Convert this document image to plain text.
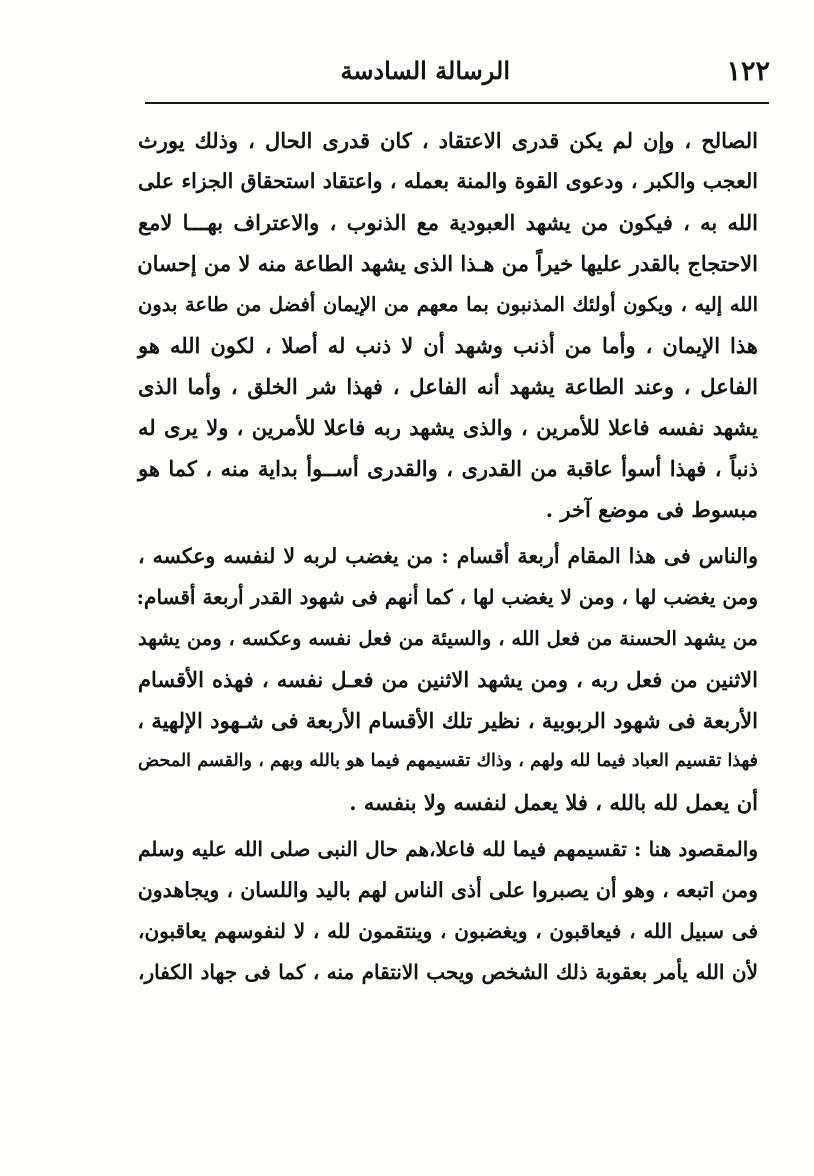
١٢٢
الرسالة السادسة
الصالح ، وإن لم يكن قدرى الاعتقاد ، كان قدرى الحال ، وذلك يورث
العجب والكبر ، ودعوى القوة والمنة بعمله ، واعتقاد استحقاق الجزاء على
الله به ، فيكون من يشهد العبودية مع الذنوب ، والاعتراف بهـــا لامع
الاحتجاج بالقدر عليها خيراً من هـذا الذى يشهد الطاعة منه لا من إحسان
الله إليه ، ويكون أولئك المذنبون بما معهم من الإيمان أفضل من طاعة بدون
هذا الإيمان ، وأما من أذنب وشهد أن لا ذنب له أصلا ، لكون الله هو
الفاعل ، وعند الطاعة يشهد أنه الفاعل ، فهذا شر الخلق ، وأما الذى
يشهد نفسه فاعلا للأمرين ، والذى يشهد ربه فاعلا للأمرين ، ولا يرى له
ذنباً ، فهذا أسوأ عاقبة من القدرى ، والقدرى أســوأ بداية منه ، كما هو
مبسوط فى موضع آخر .
والناس فى هذا المقام أربعة أقسام : من يغضب لربه لا لنفسه وعكسه ،
ومن يغضب لها ، ومن لا يغضب لها ، كما أنهم فى شهود القدر أربعة أقسام:
من يشهد الحسنة من فعل الله ، والسيئة من فعل نفسه وعكسه ، ومن يشهد
الاثنين من فعل ربه ، ومن يشهد الاثنين من فعـل نفسه ، فهذه الأقسام
الأربعة فى شهود الربوبية ، نظير تلك الأقسام الأربعة فى شـهود الإلهية ،
فهذا تقسيم العباد فيما لله ولهم ، وذاك تقسيمهم فيما هو بالله وبهم ، والقسم المحض
أن يعمل لله بالله ، فلا يعمل لنفسه ولا بنفسه .
والمقصود هنا : تقسيمهم فيما لله فاعلا،هم حال النبى صلى الله عليه وسلم
ومن اتبعه ، وهو أن يصبروا على أذى الناس لهم باليد واللسان ، ويجاهدون
فى سبيل الله ، فيعاقبون ، ويغضبون ، وينتقمون لله ، لا لنفوسهم يعاقبون،
لأن الله يأمر بعقوبة ذلك الشخص ويحب الانتقام منه ، كما فى جهاد الكفار،
